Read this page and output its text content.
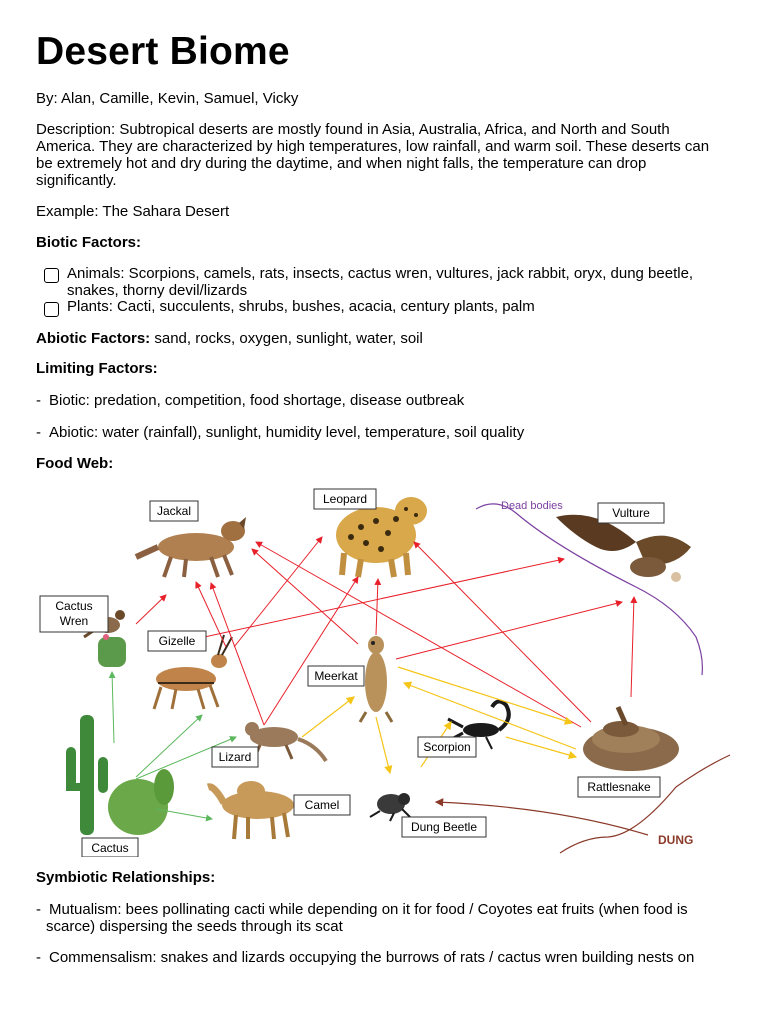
Desert Biome

By: Alan, Camille, Kevin, Samuel, Vicky

Description: Subtropical deserts are mostly found in Asia, Australia, Africa, and North and South

America. They are characterized by high temperatures, low rainfall, and warm soil. These deserts can

be extremely hot and dry during the daytime, and when night falls, the temperature can drop

significantly.

Example: The Sahara Desert

Biotic Factors:

Animals: Scorpions, camels, rats, insects, cactus wren, vultures, jack rabbit, oryx, dung beetle,

snakes, thorny devil/lizards

Plants: Cacti, succulents, shrubs, bushes, acacia, century plants, palm

Abiotic Factors: sand, rocks, oxygen, sunlight, water, soil

Limiting Factors:

- Biotic: predation, competition, food shortage, disease outbreak

- Abiotic: water (rainfall), sunlight, humidity level, temperature, soil quality

Food Web:

Symbiotic Relationships:

- Mutualism: bees pollinating cacti while depending on it for food / Coyotes eat fruits (when food is

scarce) dispersing the seeds through its scat

- Commensalism: snakes and lizards occupying the burrows of rats / cactus wren building nests on

DUNG
Dead bodies
Jackal
Leopard
Vulture
Cactus
Wren
Gizelle
Meerkat
Lizard
Scorpion
Rattlesnake
Camel
Dung Beetle
Cactus
